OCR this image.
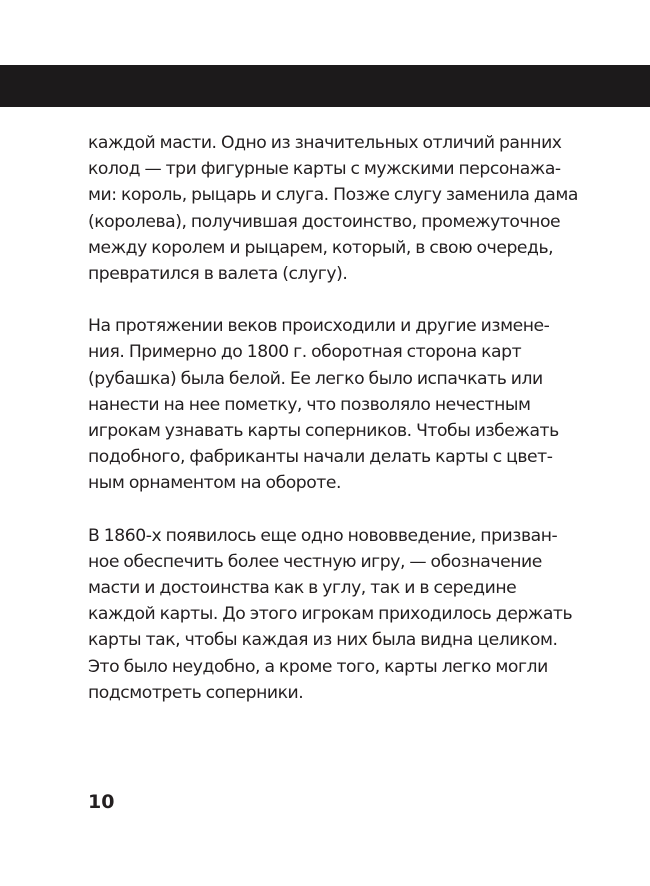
каждой масти. Одно из значительных отличий ранних
колод — три фигурные карты с мужскими персонажа-
ми: король, рыцарь и слуга. Позже слугу заменила дама
(королева), получившая достоинство, промежуточное
между королем и рыцарем, который, в свою очередь,
превратился в валета (слугу).

На протяжении веков происходили и другие измене-
ния. Примерно до 1800 г. оборотная сторона карт
(рубашка) была белой. Ее легко было испачкать или
нанести на нее пометку, что позволяло нечестным
игрокам узнавать карты соперников. Чтобы избежать
подобного, фабриканты начали делать карты с цвет-
ным орнаментом на обороте.

В 1860-х появилось еще одно нововведение, призван-
ное обеспечить более честную игру, — обозначение
масти и достоинства как в углу, так и в середине
каждой карты. До этого игрокам приходилось держать
карты так, чтобы каждая из них была видна целиком.
Это было неудобно, а кроме того, карты легко могли
подсмотреть соперники.

10
